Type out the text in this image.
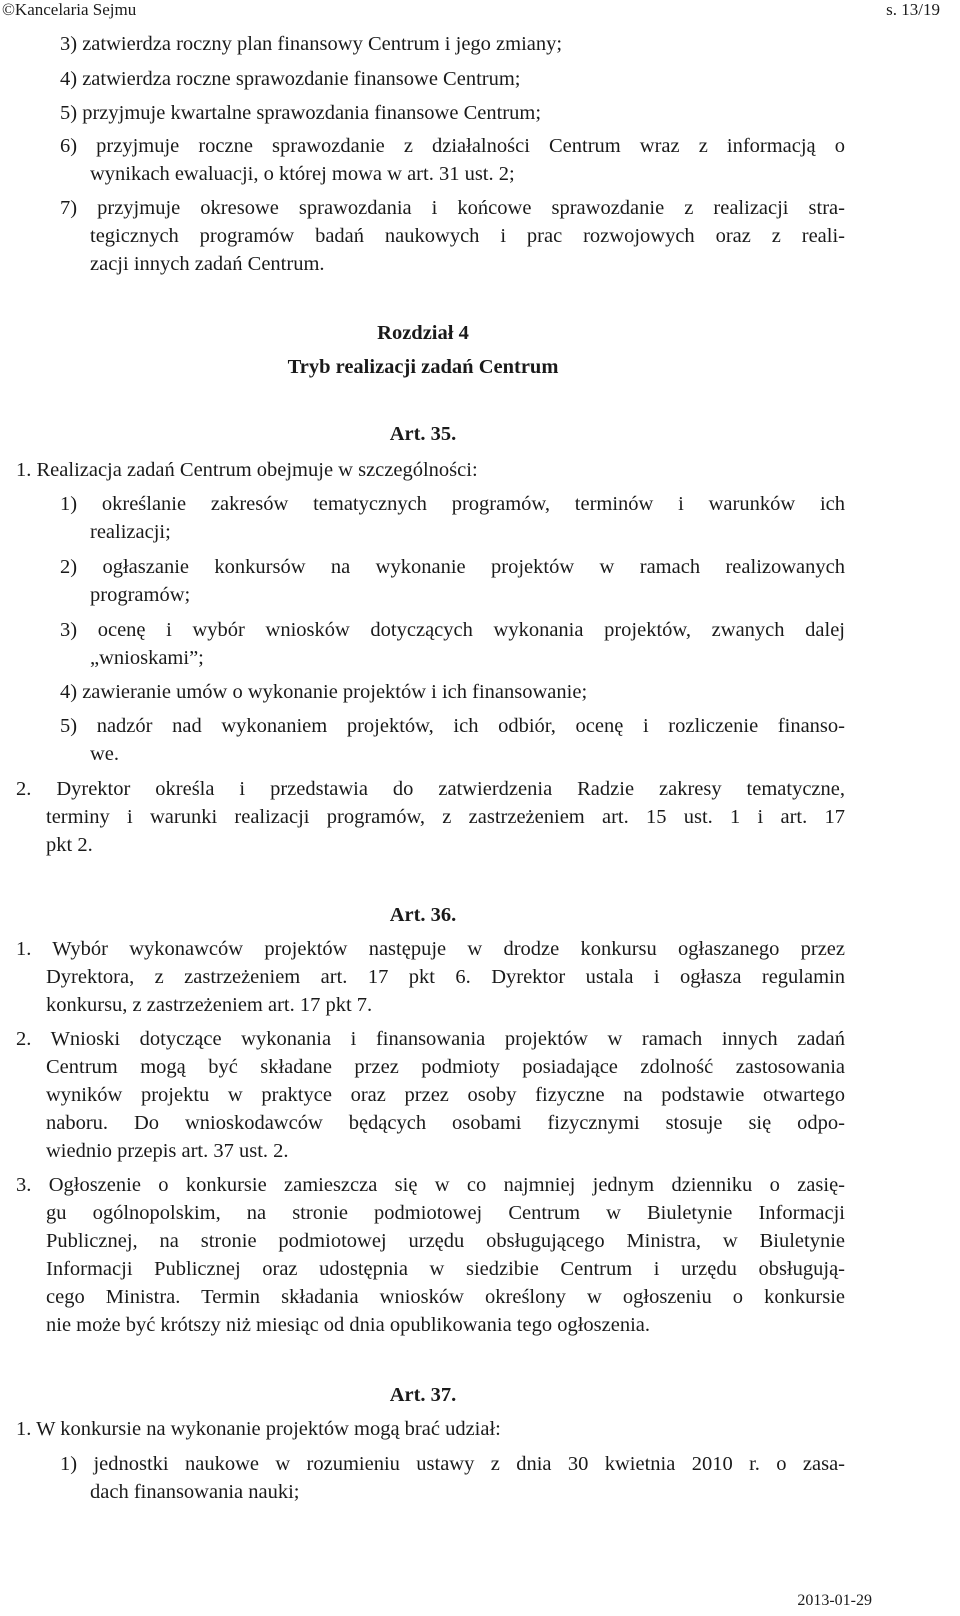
©Kancelaria Sejmu	s. 13/19
3) zatwierdza roczny plan finansowy Centrum i jego zmiany;
4) zatwierdza roczne sprawozdanie finansowe Centrum;
5) przyjmuje kwartalne sprawozdania finansowe Centrum;
6) przyjmuje roczne sprawozdanie z działalności Centrum wraz z informacją o
wynikach ewaluacji, o której mowa w art. 31 ust. 2;
7) przyjmuje okresowe sprawozdania i końcowe sprawozdanie z realizacji stra-
tegicznych programów badań naukowych i prac rozwojowych oraz z reali-
zacji innych zadań Centrum.
Rozdział 4
Tryb realizacji zadań Centrum
Art. 35.
1. Realizacja zadań Centrum obejmuje w szczególności:
1) określanie zakresów tematycznych programów, terminów i warunków ich
realizacji;
2) ogłaszanie konkursów na wykonanie projektów w ramach realizowanych
programów;
3) ocenę i wybór wniosków dotyczących wykonania projektów, zwanych dalej
„wnioskami”;
4) zawieranie umów o wykonanie projektów i ich finansowanie;
5) nadzór nad wykonaniem projektów, ich odbiór, ocenę i rozliczenie finanso-
we.
2. Dyrektor określa i przedstawia do zatwierdzenia Radzie zakresy tematyczne,
terminy i warunki realizacji programów, z zastrzeżeniem art. 15 ust. 1 i art. 17
pkt 2.
Art. 36.
1. Wybór wykonawców projektów następuje w drodze konkursu ogłaszanego przez
Dyrektora, z zastrzeżeniem art. 17 pkt 6. Dyrektor ustala i ogłasza regulamin
konkursu, z zastrzeżeniem art. 17 pkt 7.
2. Wnioski dotyczące wykonania i finansowania projektów w ramach innych zadań
Centrum mogą być składane przez podmioty posiadające zdolność zastosowania
wyników projektu w praktyce oraz przez osoby fizyczne na podstawie otwartego
naboru. Do wnioskodawców będących osobami fizycznymi stosuje się odpo-
wiednio przepis art. 37 ust. 2.
3. Ogłoszenie o konkursie zamieszcza się w co najmniej jednym dzienniku o zasię-
gu ogólnopolskim, na stronie podmiotowej Centrum w Biuletynie Informacji
Publicznej, na stronie podmiotowej urzędu obsługującego Ministra, w Biuletynie
Informacji Publicznej oraz udostępnia w siedzibie Centrum i urzędu obsługują-
cego Ministra. Termin składania wniosków określony w ogłoszeniu o konkursie
nie może być krótszy niż miesiąc od dnia opublikowania tego ogłoszenia.
Art. 37.
1. W konkursie na wykonanie projektów mogą brać udział:
1) jednostki naukowe w rozumieniu ustawy z dnia 30 kwietnia 2010 r. o zasa-
dach finansowania nauki;
2013-01-29
